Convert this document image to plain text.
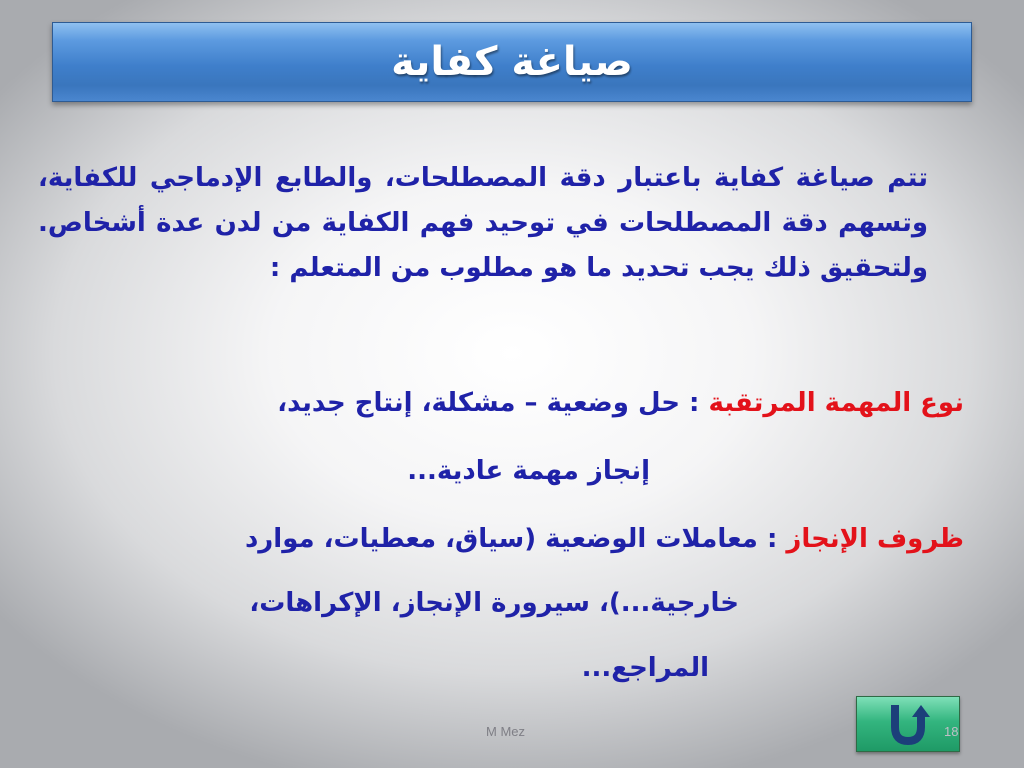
صياغة كفاية

تتم صياغة كفاية باعتبار دقة المصطلحات، والطابع الإدماجي للكفاية، وتسهم دقة المصطلحات في توحيد فهم الكفاية من لدن عدة أشخاص. ولتحقيق ذلك يجب تحديد ما هو مطلوب من المتعلم :

نوع المهمة المرتقبة : حل وضعية – مشكلة، إنتاج جديد،
إنجاز مهمة عادية...
ظروف الإنجاز : معاملات الوضعية (سياق، معطيات، موارد
خارجية...)، سيرورة الإنجاز، الإكراهات،
المراجع...
M Mez	18
